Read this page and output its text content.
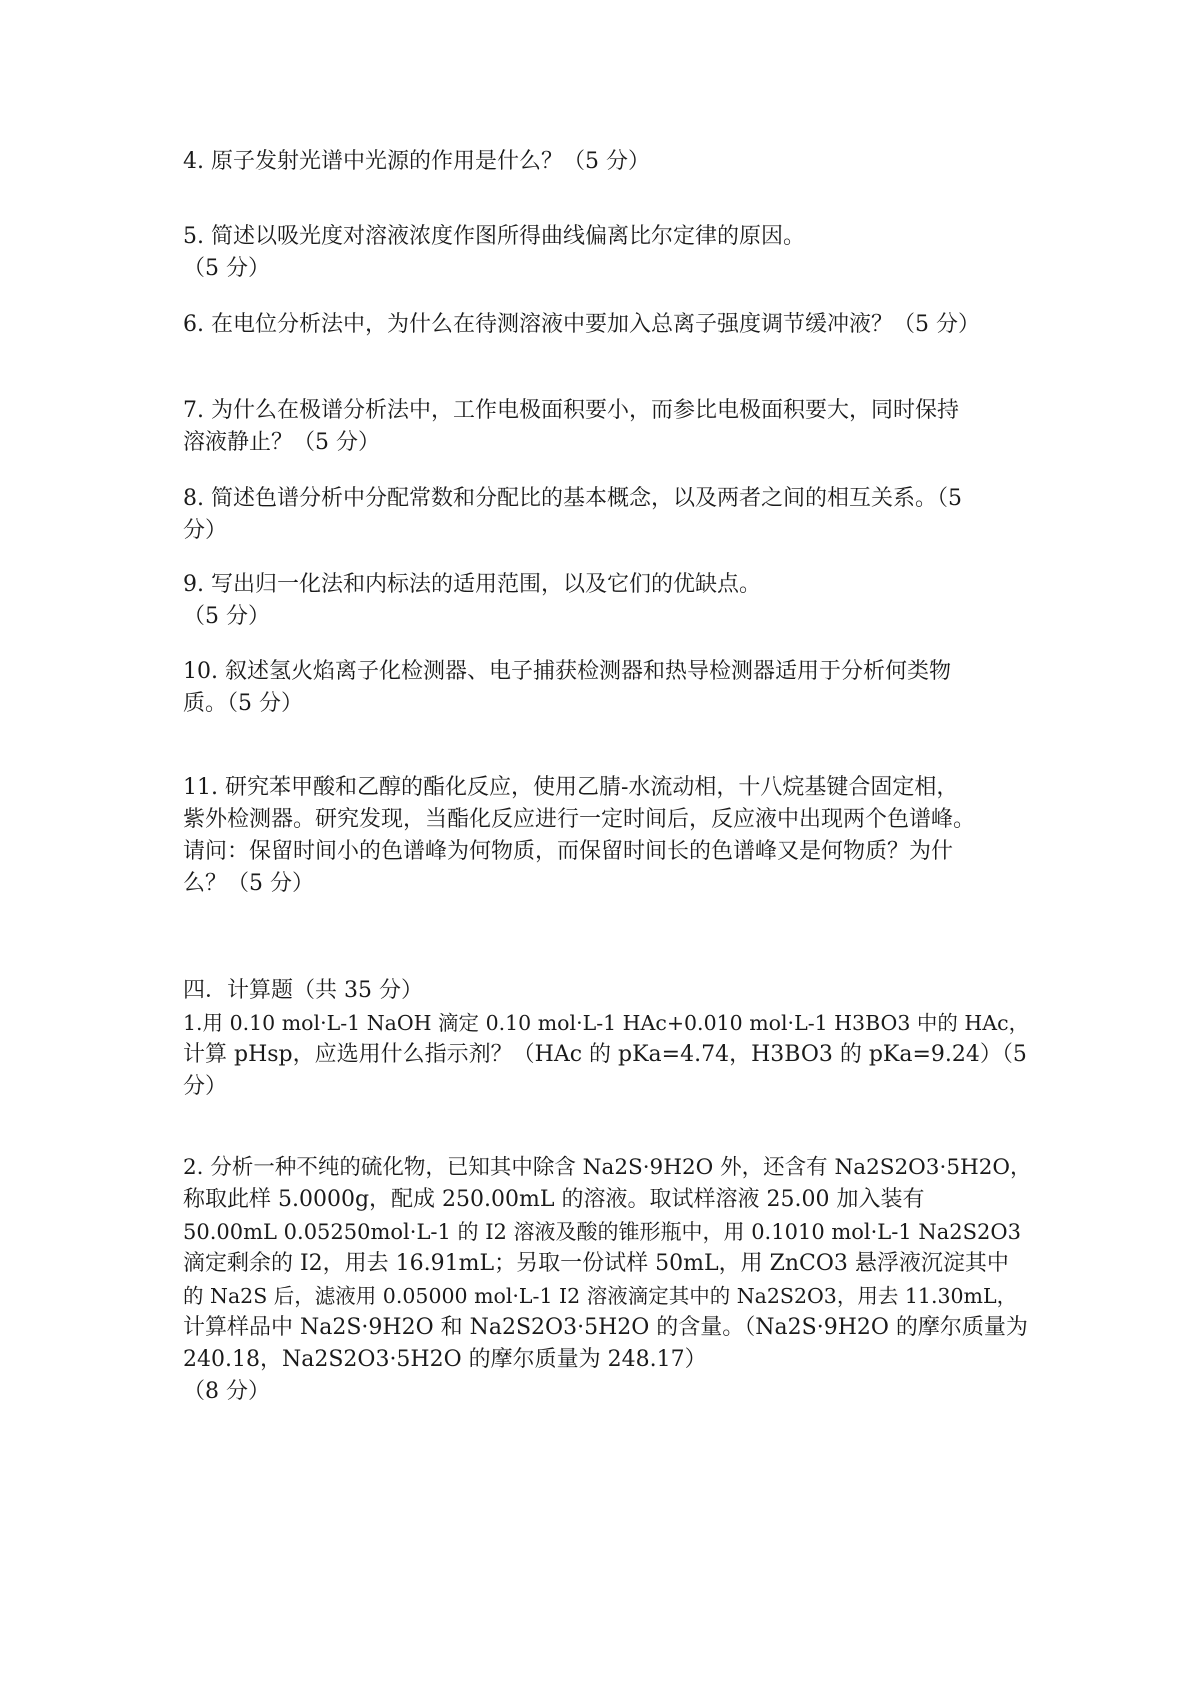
4. 原子发射光谱中光源的作用是什么？（5 分）
5. 简述以吸光度对溶液浓度作图所得曲线偏离比尔定律的原因。
（5 分）
6. 在电位分析法中，为什么在待测溶液中要加入总离子强度调节缓冲液？（5 分）
7. 为什么在极谱分析法中，工作电极面积要小，而参比电极面积要大，同时保持
溶液静止？（5 分）
8. 简述色谱分析中分配常数和分配比的基本概念，以及两者之间的相互关系。（5
分）
9. 写出归一化法和内标法的适用范围，以及它们的优缺点。
（5 分）
10. 叙述氢火焰离子化检测器、电子捕获检测器和热导检测器适用于分析何类物
质。（5 分）
11. 研究苯甲酸和乙醇的酯化反应，使用乙腈-水流动相，十八烷基键合固定相，
紫外检测器。研究发现，当酯化反应进行一定时间后，反应液中出现两个色谱峰。
请问：保留时间小的色谱峰为何物质，而保留时间长的色谱峰又是何物质？为什
么？（5 分）
四．计算题（共 35 分）
1.用 0.10 mol·L-1 NaOH 滴定 0.10 mol·L-1 HAc+0.010 mol·L-1 H3BO3 中的 HAc，
计算 pHsp，应选用什么指示剂？（HAc 的 pKa=4.74，H3BO3 的 pKa=9.24）（5
分）
2. 分析一种不纯的硫化物，已知其中除含 Na2S·9H2O 外，还含有 Na2S2O3·5H2O，
称取此样 5.0000g，配成 250.00mL 的溶液。取试样溶液 25.00 加入装有
50.00mL 0.05250mol·L-1 的 I2 溶液及酸的锥形瓶中，用 0.1010 mol·L-1 Na2S2O3
滴定剩余的 I2，用去 16.91mL；另取一份试样 50mL，用 ZnCO3 悬浮液沉淀其中
的 Na2S 后，滤液用 0.05000 mol·L-1 I2 溶液滴定其中的 Na2S2O3，用去 11.30mL，
计算样品中 Na2S·9H2O 和 Na2S2O3·5H2O 的含量。（Na2S·9H2O 的摩尔质量为
240.18，Na2S2O3·5H2O 的摩尔质量为 248.17）
（8 分）
